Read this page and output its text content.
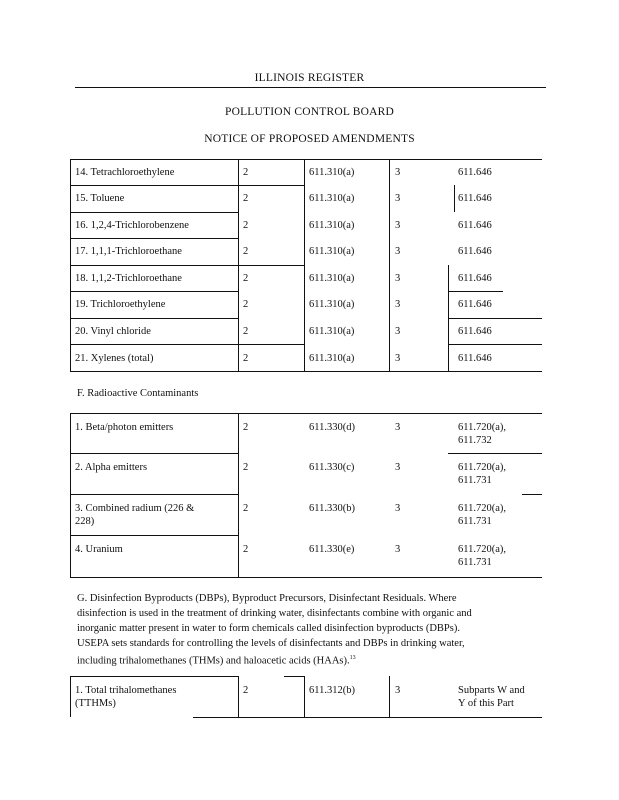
ILLINOIS REGISTER
POLLUTION CONTROL BOARD
NOTICE OF PROPOSED AMENDMENTS
14. Tetrachloroethylene	2	611.310(a)	3	611.646
15. Toluene	2	611.310(a)	3	611.646
16. 1,2,4-Trichlorobenzene	2	611.310(a)	3	611.646
17. 1,1,1-Trichloroethane	2	611.310(a)	3	611.646
18. 1,1,2-Trichloroethane	2	611.310(a)	3	611.646
19. Trichloroethylene	2	611.310(a)	3	611.646
20. Vinyl chloride	2	611.310(a)	3	611.646
21. Xylenes (total)	2	611.310(a)	3	611.646
F. Radioactive Contaminants
1. Beta/photon emitters	2	611.330(d)	3	611.720(a),
611.732
2. Alpha emitters	2	611.330(c)	3	611.720(a),
611.731
3. Combined radium (226 &
228)
2	611.330(b)	3	611.720(a),
611.731
4. Uranium	2	611.330(e)	3	611.720(a),
611.731
G. Disinfection Byproducts (DBPs), Byproduct Precursors, Disinfectant Residuals. Where
disinfection is used in the treatment of drinking water, disinfectants combine with organic and
inorganic matter present in water to form chemicals called disinfection byproducts (DBPs).
USEPA sets standards for controlling the levels of disinfectants and DBPs in drinking water,
including trihalomethanes (THMs) and haloacetic acids (HAAs).$^{13}$
1. Total trihalomethanes
(TTHMs)
2	611.312(b)	3	Subparts W and
Y of this Part
